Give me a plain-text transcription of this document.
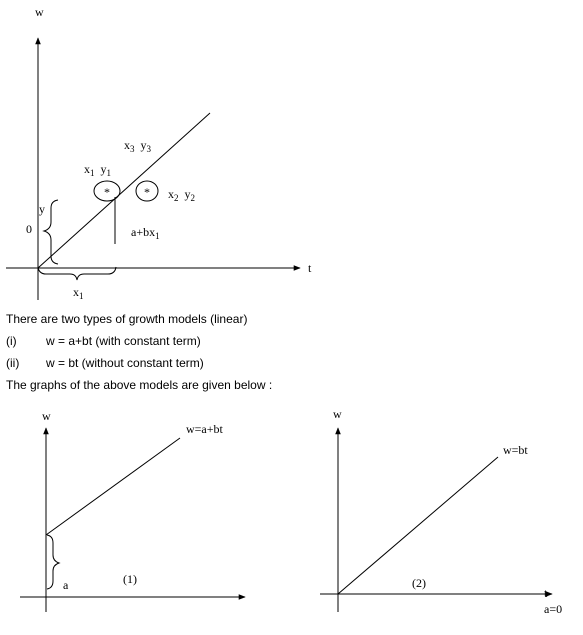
w
t
$x_3$ $y_3$
$x_1$ $y_1$
$x_2$ $y_2$
*	*
y
0	$a+bx_1$
$x_1$
w
w=a+bt
a	(1)
w
w=bt
t
(2)
a=0
There are two types of growth models (linear)
(i) w = a+bt (with constant term)
(ii) w = bt (without constant term)
The graphs of the above models are given below :
